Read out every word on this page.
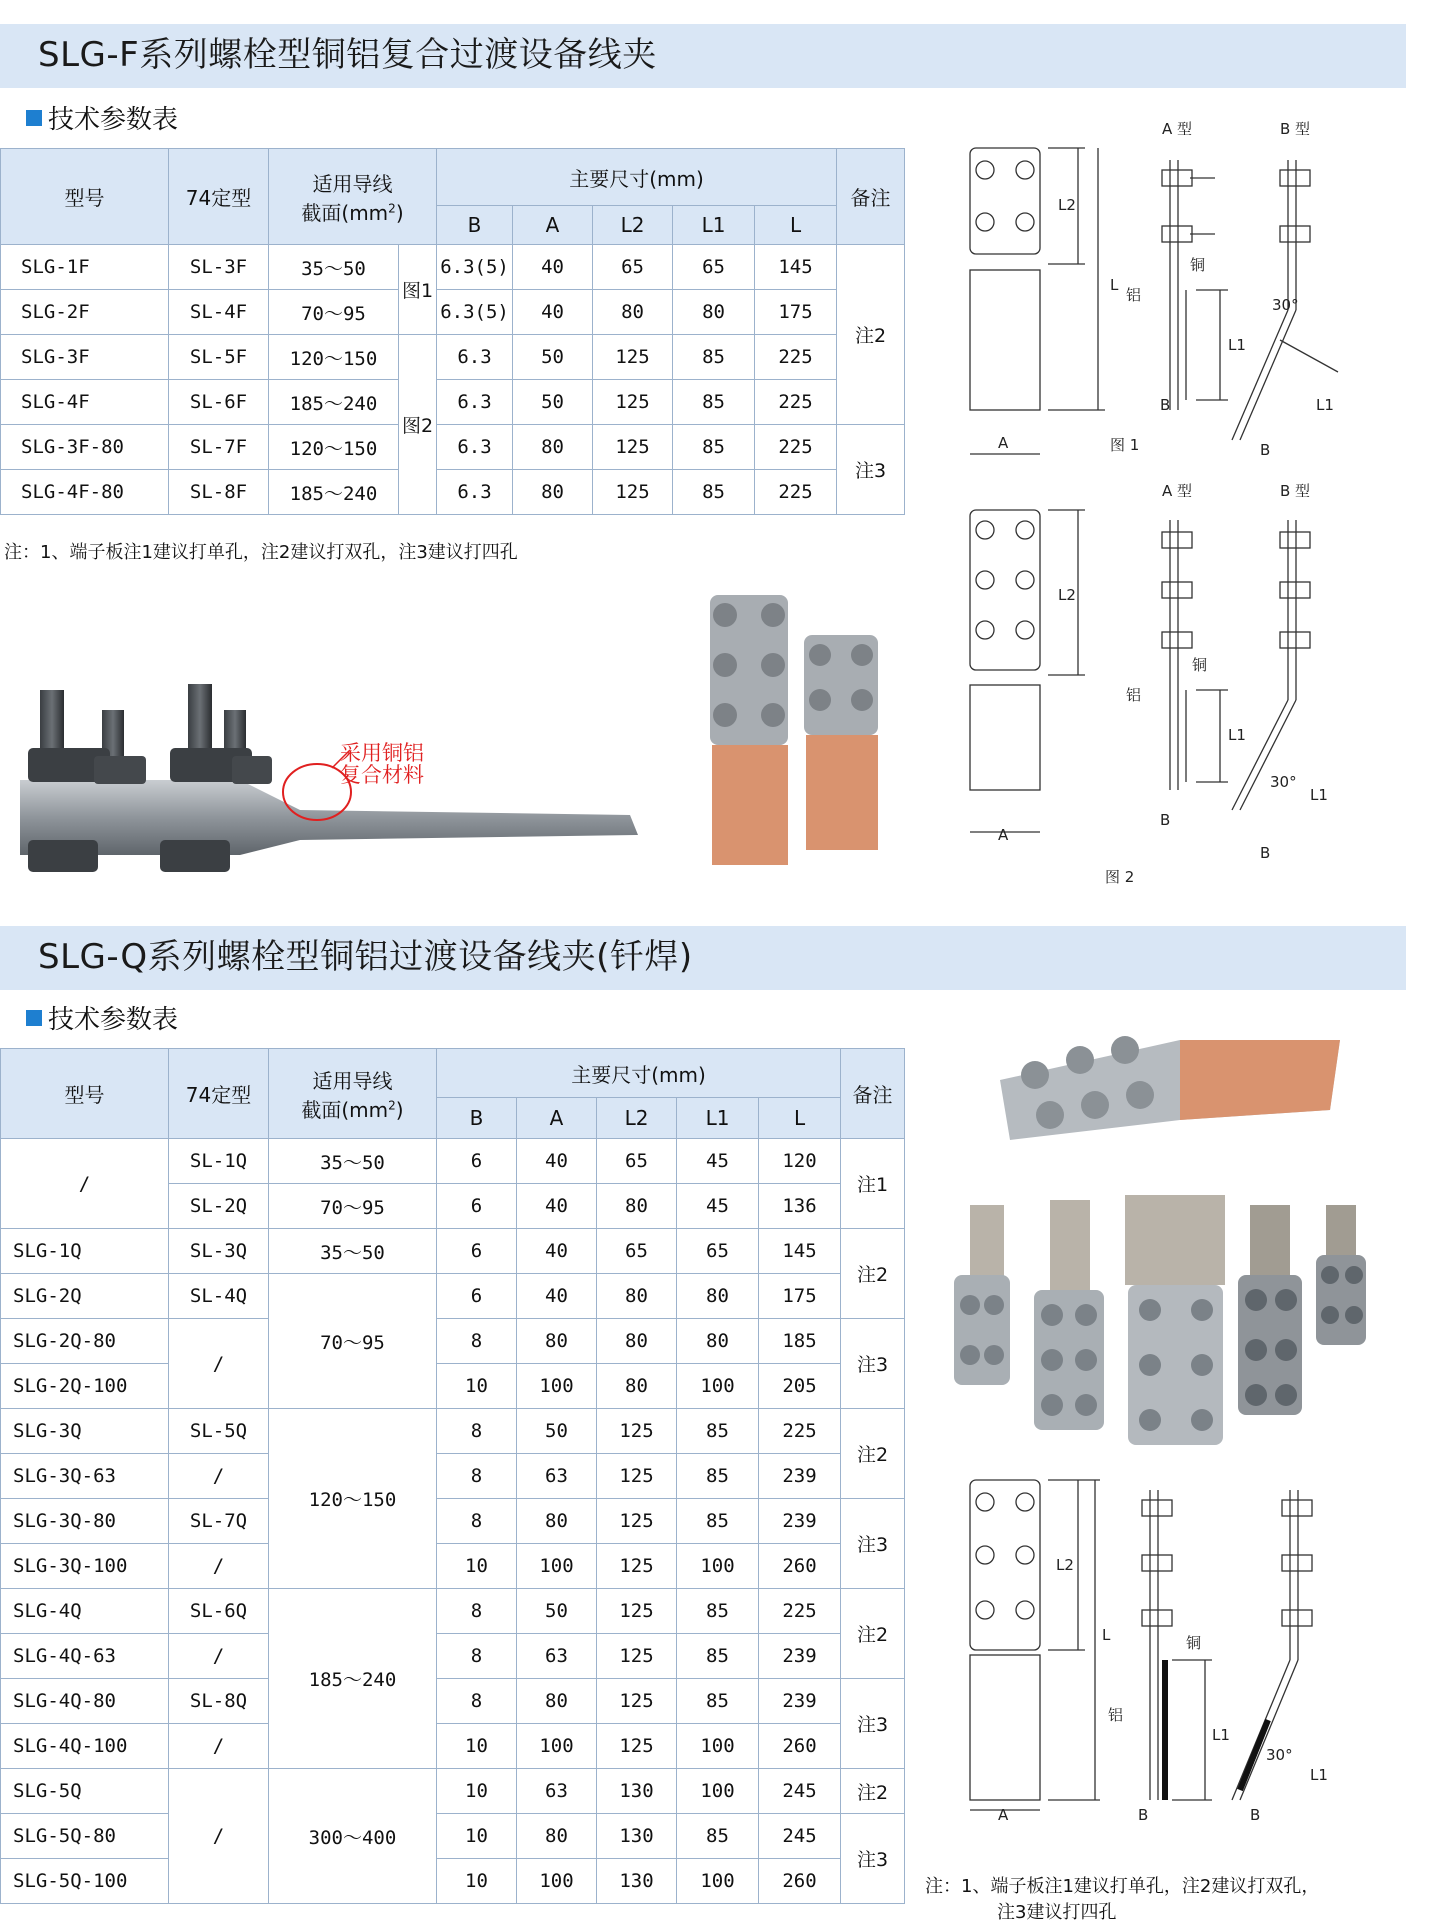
SLG-F系列螺栓型铜铝复合过渡设备线夹
技术参数表
型号	74定型	适用导线
截面$(mm^2)$		主要尺寸(mm)					备注
				B	A	L2	L1	L	
SLG-1F	SL-3F	35～50	图1	6.3(5)	40	65	65	145	注2
SLG-2F	SL-4F	70～95		6.3(5)	40	80	80	175	
SLG-3F	SL-5F	120～150	图2	6.3	50	125	85	225	
SLG-4F	SL-6F	185～240		6.3	50	125	85	225	
SLG-3F-80	SL-7F	120～150		6.3	80	125	85	225	注3
SLG-4F-80	SL-8F	185～240		6.3	80	125	85	225	
注：1、端子板注1建议打单孔，注2建议打双孔，注3建议打四孔
采用铜铝
复合材料
L2
L
A
A 型
铜
铝
L1
B
B 型
30°
L1
B
图 1
L2
A
A 型
铜
铝
L1
B
B 型
30°
L1
B
图 2
SLG-Q系列螺栓型铜铝过渡设备线夹(钎焊)
技术参数表
型号	74定型	适用导线
截面$(mm^2)$	主要尺寸(mm)					备注
			B	A	L2	L1	L	
/	SL-1Q	35～50	6	40	65	45	120	注1
	SL-2Q	70～95	6	40	80	45	136	
SLG-1Q	SL-3Q	35～50	6	40	65	65	145	注2
SLG-2Q	SL-4Q	70～95	6	40	80	80	175	
SLG-2Q-80	/		8	80	80	80	185	注3
SLG-2Q-100			10	100	80	100	205	
SLG-3Q	SL-5Q	120～150	8	50	125	85	225	注2
SLG-3Q-63	/		8	63	125	85	239	
SLG-3Q-80	SL-7Q		8	80	125	85	239	注3
SLG-3Q-100	/		10	100	125	100	260	
SLG-4Q	SL-6Q	185～240	8	50	125	85	225	注2
SLG-4Q-63	/		8	63	125	85	239	
SLG-4Q-80	SL-8Q		8	80	125	85	239	注3
SLG-4Q-100	/		10	100	125	100	260	
SLG-5Q	/	300～400	10	63	130	100	245	注2
SLG-5Q-80			10	80	130	85	245	注3
SLG-5Q-100			10	100	130	100	260	
L2
L
A
铜
铝
L1
B
30°
L1
B
注：1、端子板注1建议打单孔，注2建议打双孔，
注3建议打四孔
